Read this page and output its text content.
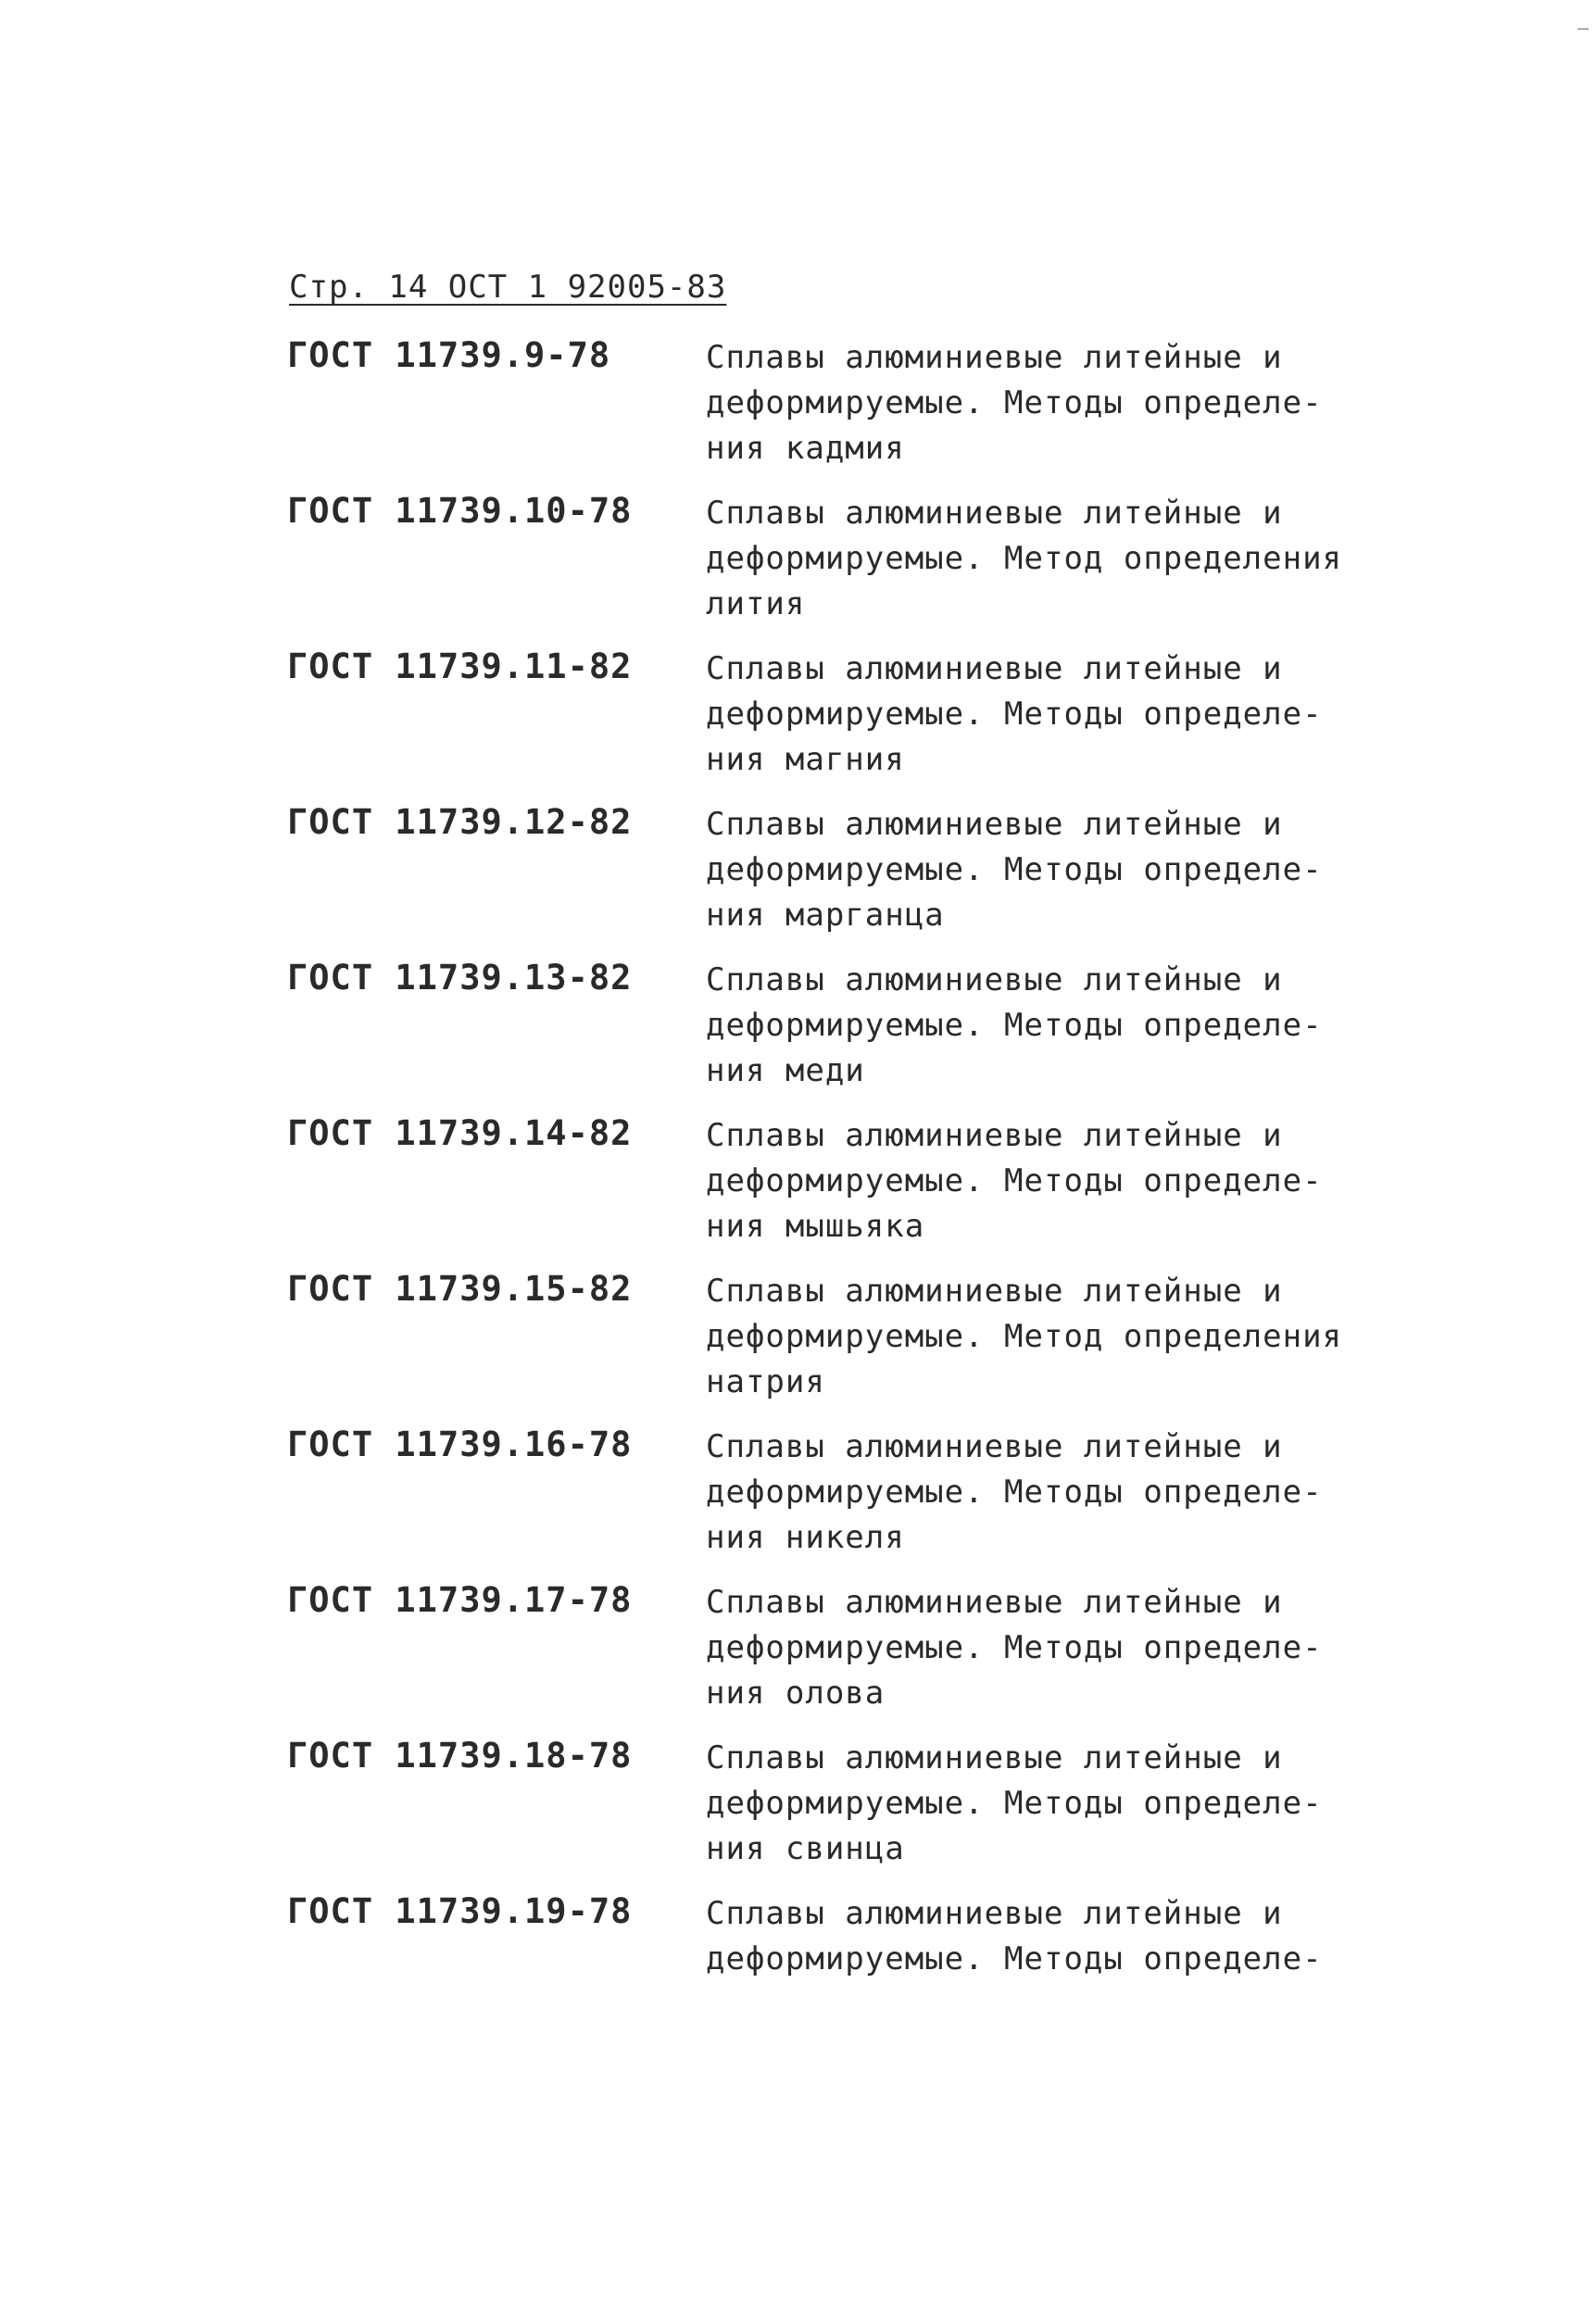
–
Стр. 14 ОСТ 1 92005-83
ГОСТ 11739.9-78	Сплавы алюминиевые литейные и
деформируемые. Методы определе-
ния кадмия
ГОСТ 11739.10-78 Сплавы алюминиевые литейные и
деформируемые. Метод определения
лития
ГОСТ 11739.11-82 Сплавы алюминиевые литейные и
деформируемые. Методы определе-
ния магния
ГОСТ 11739.12-82 Сплавы алюминиевые литейные и
деформируемые. Методы определе-
ния марганца
ГОСТ 11739.13-82 Сплавы алюминиевые литейные и
деформируемые. Методы определе-
ния меди
ГОСТ 11739.14-82 Сплавы алюминиевые литейные и
деформируемые. Методы определе-
ния мышьяка
ГОСТ 11739.15-82 Сплавы алюминиевые литейные и
деформируемые. Метод определения
натрия
ГОСТ 11739.16-78 Сплавы алюминиевые литейные и
деформируемые. Методы определе-
ния никеля
ГОСТ 11739.17-78 Сплавы алюминиевые литейные и
деформируемые. Методы определе-
ния олова
ГОСТ 11739.18-78 Сплавы алюминиевые литейные и
деформируемые. Методы определе-
ния свинца
ГОСТ 11739.19-78 Сплавы алюминиевые литейные и
деформируемые. Методы определе-
